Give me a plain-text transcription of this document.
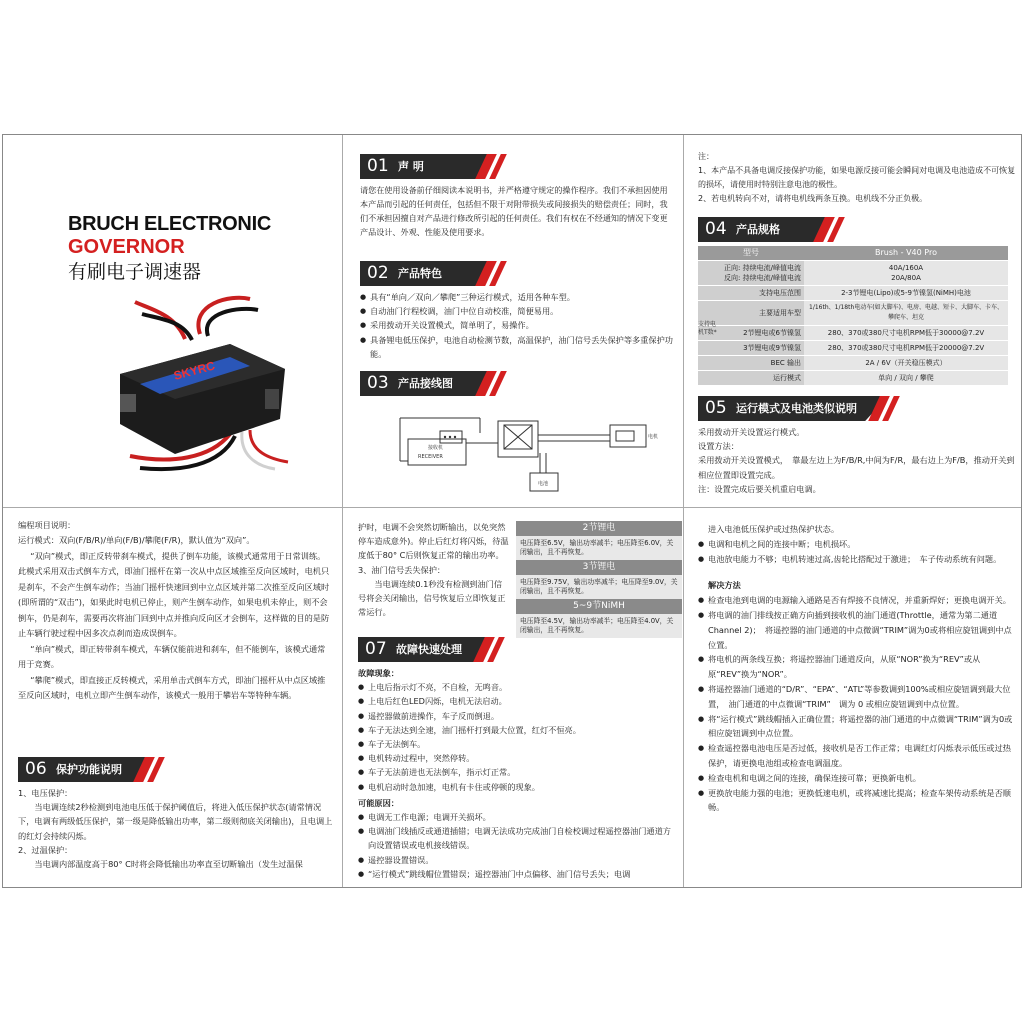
BRUCH ELECTRONIC
GOVERNOR
有刷电子调速器
SKYRC
01 声 明

请您在使用设备前仔细阅读本说明书，并严格遵守规定的操作程序。我们不承担因使用本产品而引起的任何责任，包括但不限于对附带损失或间接损失的赔偿责任；同时，我们不承担因擅自对产品进行修改所引起的任何责任。我们有权在不经通知的情况下变更产品设计、外观、性能及使用要求。

02 产品特色
● 具有“单向／双向／攀爬”三种运行模式，适用各种车型。
● 自动油门行程校调，油门中位自动校准，简便易用。
● 采用拨动开关设置模式，简单明了，易操作。
● 具备锂电低压保护，电池自动检测节数，高温保护，油门信号丢失保护等多重保护功能。
03 产品接线图
接收机
RECEIVER
电池
电机

注：

1、本产品不具备电调反接保护功能，如果电源反接可能会瞬间对电调及电池造成不可恢复的损坏，请使用时特别注意电池的极性。

2、若电机转向不对，请将电机线两条互换。电机线不分正负极。

04 产品规格
型号	Brush - V40 Pro
正向: 持续电流/峰值电流
反向: 持续电流/峰值电流	40A/160A
20A/80A
支持电压范围	2-3节锂电(Lipo)或5-9节镍氢(NiMH)电池
主要适用车型	1/16th、1/18th电动车(如大脚车)、电房、电越、短卡、大脚车、卡车、攀爬车、坦克
2节锂电或6节镍氢	280、370或380尺寸电机RPM低于30000@7.2V
3节锂电或9节镍氢	280、370或380尺寸电机RPM低于20000@7.2V
BEC 输出	2A / 6V（开关稳压模式）
运行模式	单向 / 双向 / 攀爬
支持电机T数*
05 运行模式及电池类似说明

采用拨动开关设置运行模式。

设置方法：

采用拨动开关设置模式，　靠最左边上为F/B/R,中间为F/R，最右边上为F/B，推动开关到相应位置即设置完成。

注：设置完成后要关机重启电调。

编程项目说明：

运行模式：双向(F/B/R)/单向(F/B)/攀爬(F/R)，默认值为“双向”。

“双向”模式，即正反转带刹车模式，提供了倒车功能，该模式通常用于日常训练。此模式采用双击式倒车方式，即油门摇杆在第一次从中点区域推至反向区域时，电机只是刹车，不会产生倒车动作；当油门摇杆快速回到中立点区域并第二次推至反向区域时(即所谓的“双击”)，如果此时电机已停止，则产生倒车动作，如果电机未停止，则不会倒车，仍是刹车，需要再次将油门回到中点并推向反向区才会倒车，这样做的目的是防止车辆行驶过程中因多次点刹而造成误倒车。

“单向”模式，即正转带刹车模式，车辆仅能前进和刹车，但不能倒车，该模式通常用于竞赛。

“攀爬”模式，即直接正反转模式，采用单击式倒车方式，即油门摇杆从中点区域推至反向区域时，电机立即产生倒车动作，该模式一般用于攀岩车等特种车辆。

06 保护功能说明

1、电压保护：

　　当电调连续2秒检测到电池电压低于保护阈值后，将进入低压保护状态(请常情况下，电调有两级低压保护，第一级是降低输出功率，第二级则彻底关闭输出)，且电调上的红灯会持续闪烁。

2、过温保护：

　　当电调内部温度高于80° C时将会降低输出功率直至切断输出（发生过温保

护时，电调不会突然切断输出，以免突然停车造成意外)。停止后红灯将闪烁，待温度低于80° C后则恢复正常的输出功率。

3、油门信号丢失保护：

　　当电调连续0.1秒没有检测到油门信号将会关闭输出，信号恢复后立即恢复正常运行。

2节锂电
电压降至6.5V，输出功率减半；电压降至6.0V，关闭输出，且不再恢复。
3节锂电
电压降至9.75V，输出功率减半；电压降至9.0V，关闭输出，且不再恢复。
5~9节NiMH
电压降至4.5V，输出功率减半；电压降至4.0V，关闭输出，且不再恢复。
07 故障快速处理

故障现象：

● 上电后指示灯不亮，不自检，无鸣音。
● 上电后红色LED闪烁，电机无法启动。
● 遥控器做前进操作，车子反而倒退。
● 车子无法达到全速，油门摇杆打到最大位置，红灯不恒亮。
● 车子无法倒车。
● 电机转动过程中，突然停转。
● 车子无法前进也无法倒车，指示灯正常。
● 电机启动时急加速，电机有卡住或停顿的现象。

可能原因：

● 电调无工作电源；电调开关损坏。
● 电调油门线插反或通道插错；电调无法成功完成油门自检校调过程遥控器油门通道方向设置错误或电机接线错误。
● 遥控器设置错误。
● “运行模式”跳线帽位置错误；遥控器油门中点偏移、油门信号丢失；电调

进入电池低压保护或过热保护状态。

● 电调和电机之间的连接中断；电机损坏。
● 电池放电能力不够；电机转速过高,齿轮比搭配过于激进；　车子传动系统有问题。

解决方法

● 检查电池到电调的电源输入通路是否有焊接不良情况，并重新焊好；更换电调开关。
● 将电调的油门排线按正确方向插到接收机的油门通道(Throttle，通常为第二通道 Channel 2)；　将遥控器的油门通道的中点微调“TRIM”调为0或将相应旋钮调到中点位置。
● 将电机的两条线互换；将遥控器油门通道反向，从原“NOR”换为“REV”或从原“REV”换为“NOR”。
● 将遥控器油门通道的“D/R”、“EPA”、“ATL”等参数调到100%或相应旋钮调到最大位置，　油门通道的中点微调“TRIM”　调为 0 或相应旋钮调到中点位置。
● 将“运行模式”跳线帽插入正确位置；将遥控器的油门通道的中点微调“TRIM”调为0或相应旋钮调到中点位置。
● 检查遥控器电池电压是否过低，接收机是否工作正常；电调红灯闪烁表示低压或过热保护，请更换电池组或检查电调温度。
● 检查电机和电调之间的连接，确保连接可靠；更换新电机。
● 更换放电能力强的电池；更换低速电机，或将减速比提高；检查车架传动系统是否顺畅。
